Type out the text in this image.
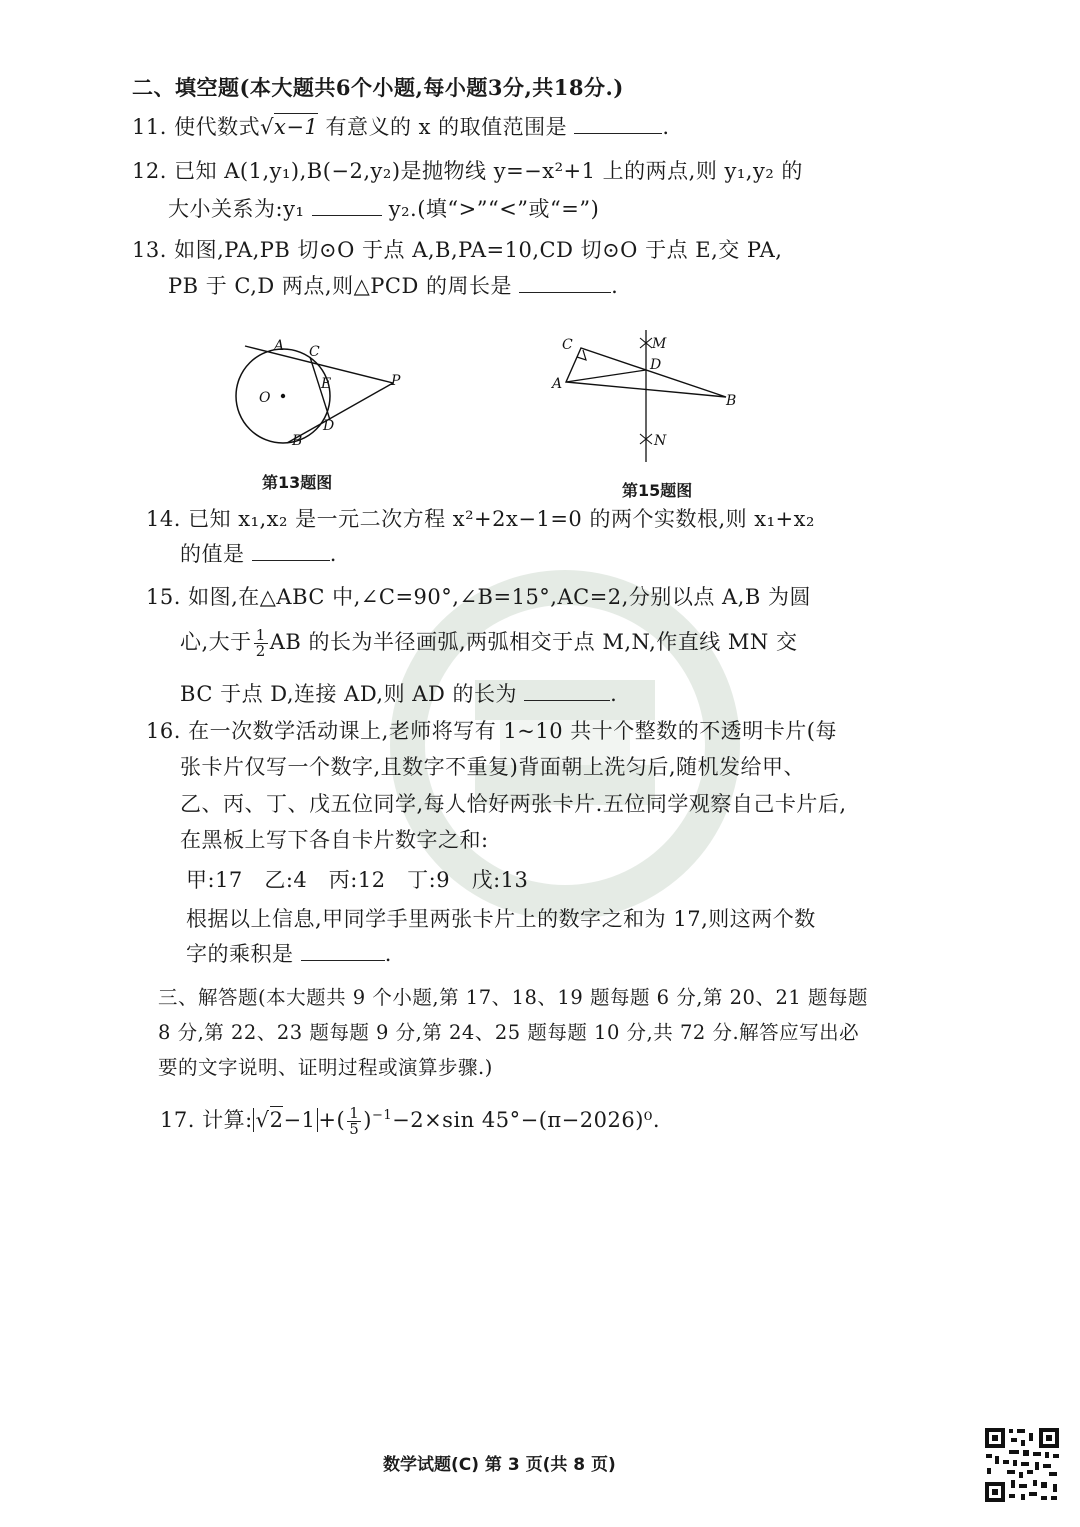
二、填空题(本大题共6个小题,每小题3分,共18分.)
11. 使代数式√x−1 有意义的 x 的取值范围是	.
12. 已知 A(1,y₁),B(−2,y₂)是抛物线 y=−x²+1 上的两点,则 y₁,y₂ 的
大小关系为:y₁	y₂.(填“>”“<”或“=”)
13. 如图,PA,PB 切⊙O 于点 A,B,PA=10,CD 切⊙O 于点 E,交 PA,
PB 于 C,D 两点,则△PCD 的周长是	.
A C
E	P
O
D
B
第13题图
C	M
D
A
B
N
第15题图
14. 已知 x₁,x₂ 是一元二次方程 x²+2x−1=0 的两个实数根,则 x₁+x₂
的值是	.
15. 如图,在△ABC 中,∠C=90°,∠B=15°,AC=2,分别以点 A,B 为圆
心,大于 $\frac{1}{2}$ AB 的长为半径画弧,两弧相交于点 M,N,作直线 MN 交
BC 于点 D,连接 AD,则 AD 的长为	.
16. 在一次数学活动课上,老师将写有 1~10 共十个整数的不透明卡片(每
张卡片仅写一个数字,且数字不重复)背面朝上洗匀后,随机发给甲、
乙、丙、丁、戊五位同学,每人恰好两张卡片.五位同学观察自己卡片后,
在黑板上写下各自卡片数字之和:
甲:17 乙:4 丙:12 丁:9 戊:13
根据以上信息,甲同学手里两张卡片上的数字之和为 17,则这两个数
字的乘积是	.
三、解答题(本大题共 9 个小题,第 17、18、19 题每题 6 分,第 20、21 题每题
8 分,第 22、23 题每题 9 分,第 24、25 题每题 10 分,共 72 分.解答应写出必
要的文字说明、证明过程或演算步骤.)
17. 计算: √2−1 +( $\frac{1}{5} )^{-1}-2\times\sin$ 45°−(π−2026)⁰.
数学试题(C) 第 3 页(共 8 页)
